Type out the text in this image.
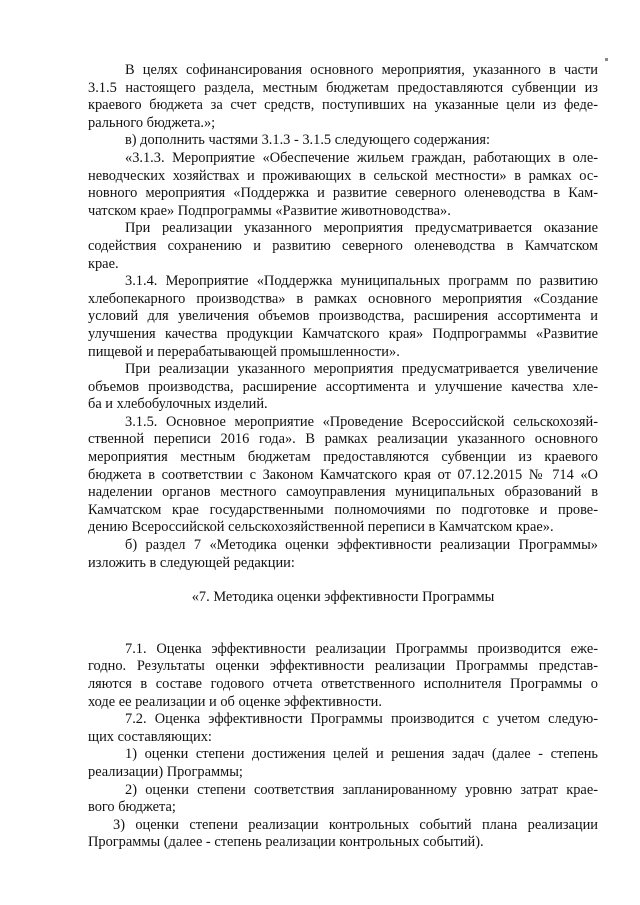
В целях софинансирования основного мероприятия, указанного в части
3.1.5 настоящего раздела, местным бюджетам предоставляются субвенции из
краевого бюджета за счет средств, поступивших на указанные цели из феде-
рального бюджета.»;
в) дополнить частями 3.1.3 - 3.1.5 следующего содержания:
«3.1.3. Мероприятие «Обеспечение жильем граждан, работающих в оле-
неводческих хозяйствах и проживающих в сельской местности» в рамках ос-
новного мероприятия «Поддержка и развитие северного оленеводства в Кам-
чатском крае» Подпрограммы «Развитие животноводства».
При реализации указанного мероприятия предусматривается оказание
содействия сохранению и развитию северного оленеводства в Камчатском
крае.
3.1.4. Мероприятие «Поддержка муниципальных программ по развитию
хлебопекарного производства» в рамках основного мероприятия «Создание
условий для увеличения объемов производства, расширения ассортимента и
улучшения качества продукции Камчатского края» Подпрограммы «Развитие
пищевой и перерабатывающей промышленности».
При реализации указанного мероприятия предусматривается увеличение
объемов производства, расширение ассортимента и улучшение качества хле-
ба и хлебобулочных изделий.
3.1.5. Основное мероприятие «Проведение Всероссийской сельскохозяй-
ственной переписи 2016 года». В рамках реализации указанного основного
мероприятия местным бюджетам предоставляются субвенции из краевого
бюджета в соответствии с Законом Камчатского края от 07.12.2015 № 714 «О
наделении органов местного самоуправления муниципальных образований в
Камчатском крае государственными полномочиями по подготовке и прове-
дению Всероссийской сельскохозяйственной переписи в Камчатском крае».
б) раздел 7 «Методика оценки эффективности реализации Программы»
изложить в следующей редакции:
«7. Методика оценки эффективности Программы
7.1. Оценка эффективности реализации Программы производится еже-
годно. Результаты оценки эффективности реализации Программы представ-
ляются в составе годового отчета ответственного исполнителя Программы о
ходе ее реализации и об оценке эффективности.
7.2. Оценка эффективности Программы производится с учетом следую-
щих составляющих:
1) оценки степени достижения целей и решения задач (далее - степень
реализации) Программы;
2) оценки степени соответствия запланированному уровню затрат крае-
вого бюджета;
3) оценки степени реализации контрольных событий плана реализации
Программы (далее - степень реализации контрольных событий).
